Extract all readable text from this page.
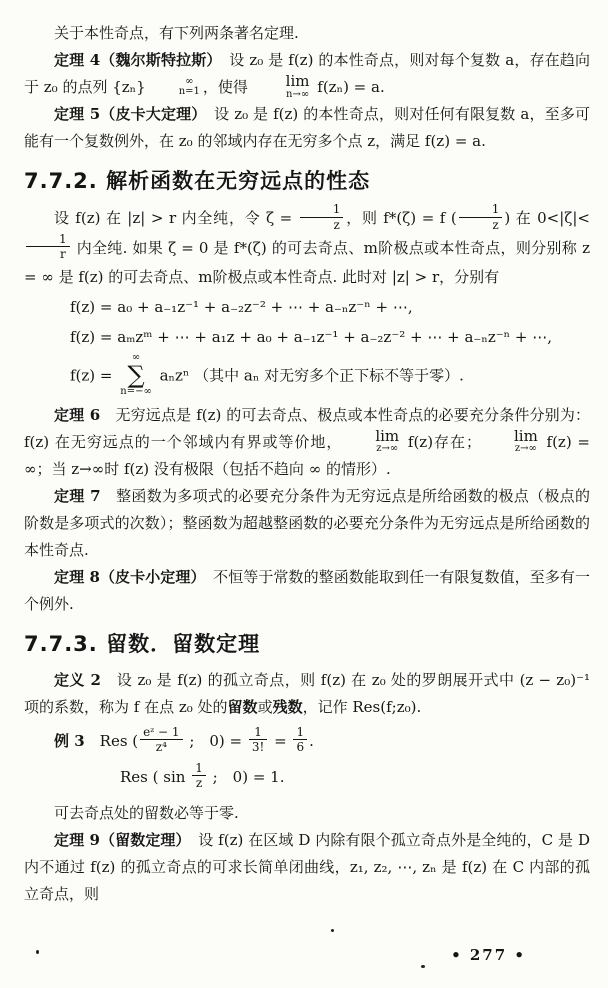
关于本性奇点，有下列两条著名定理.
定理 4（魏尔斯特拉斯）　设 z₀ 是 f(z) 的本性奇点，则对每个复数 a，存在趋向于 z₀ 的点列 {zₙ}	∞
n=1 ，使得	lim
n→∞ f(zₙ) = a.
定理 5（皮卡大定理）　设 z₀ 是 f(z) 的本性奇点，则对任何有限复数 a，至多可能有一个复数例外，在 z₀ 的邻域内存在无穷多个点 z，满足 f(z) = a.
7.7.2. 解析函数在无穷远点的性态
设 f(z) 在 |z| > r 内全纯，令 $\zeta = \frac{1}{z}$ ，则 f*(ζ) = f ( $\frac{1}{z}$ ) 在 0<|ζ|<
$\frac{1}{r}$ 内全纯. 如果 ζ = 0 是 f*(ζ) 的可去奇点、m阶极点或本性奇点，则分别称 z = ∞ 是 f(z) 的可去奇点、m阶极点或本性奇点. 此时对 |z| > r，分别有
f(z) = a₀ + a₋₁z⁻¹ + a₋₂z⁻² + ⋯ + a₋ₙz⁻ⁿ + ⋯,
f(z) = aₘzᵐ + ⋯ + a₁z + a₀ + a₋₁z⁻¹ + a₋₂z⁻² + ⋯ + a₋ₙz⁻ⁿ + ⋯,
f(z) =
∞
∑
n=−∞
aₙzⁿ （其中 aₙ 对无穷多个正下标不等于零）.
定理 6　无穷远点是 f(z) 的可去奇点、极点或本性奇点的必要充分条件分别为：f(z) 在无穷远点的一个邻域内有界或等价地，	lim
z→∞ f(z)存在；	lim
z→∞ f(z) = ∞；当 z→∞时 f(z) 没有极限（包括不趋向 ∞ 的情形）.
定理 7　整函数为多项式的必要充分条件为无穷远点是所给函数的极点（极点的阶数是多项式的次数）；整函数为超越整函数的必要充分条件为无穷远点是所给函数的本性奇点.
定理 8（皮卡小定理）　不恒等于常数的整函数能取到任一有限复数值，至多有一个例外.
7.7.3. 留数．留数定理
定义 2　设 z₀ 是 f(z) 的孤立奇点，则 f(z) 在 z₀ 处的罗朗展开式中 (z − z₀)⁻¹ 项的系数，称为 f 在点 z₀ 处的留数或残数，记作 Res(f;z₀).
例 3　Res ( $\frac{\text{eᶻ − 1}}{\text{z⁴}}$ ;　$0) = \frac{1}{3!} = \frac{1}{6}$ .
Res ( $\sin \frac{1}{z}$ ;　0) = 1.
可去奇点处的留数必等于零.
定理 9（留数定理）　设 f(z) 在区域 D 内除有限个孤立奇点外是全纯的，C 是 D 内不通过 f(z) 的孤立奇点的可求长简单闭曲线，z₁, z₂, ⋯, zₙ 是 f(z) 在 C 内部的孤立奇点，则
• 277 •
